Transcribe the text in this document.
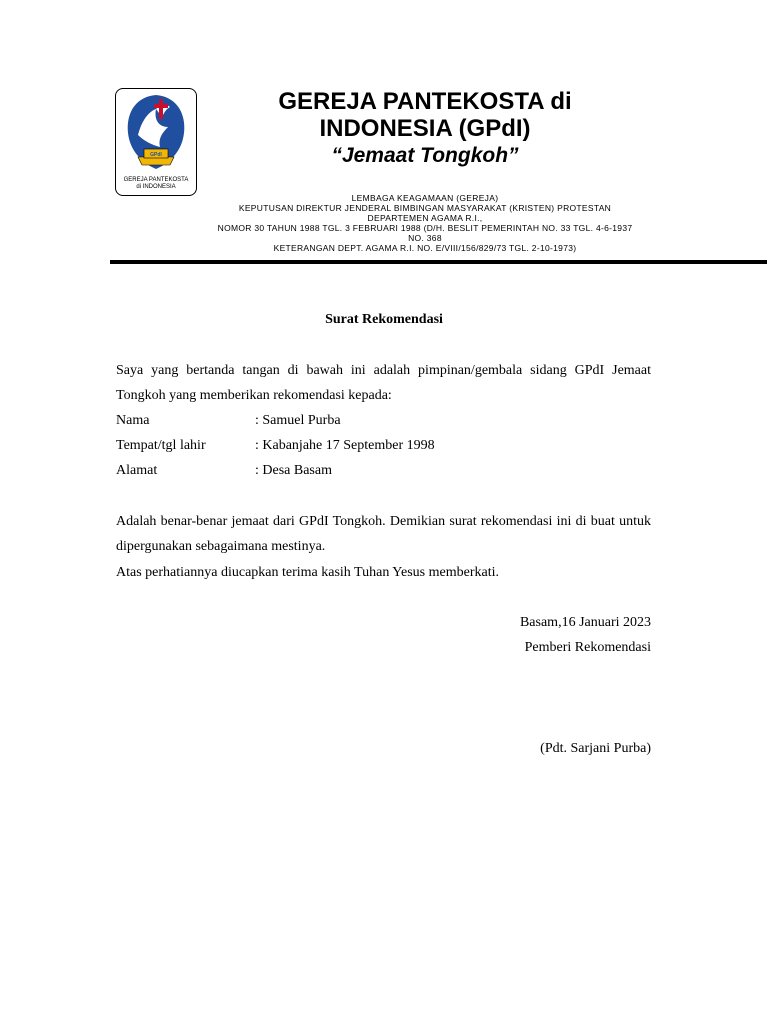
GPdI
GEREJA PANTEKOSTA
di INDONESIA
GEREJA PANTEKOSTA di
INDONESIA (GPdI)
“Jemaat Tongkoh”
LEMBAGA KEAGAMAAN (GEREJA)
KEPUTUSAN DIREKTUR JENDERAL BIMBINGAN MASYARAKAT (KRISTEN) PROTESTAN
DEPARTEMEN AGAMA R.I.,
NOMOR 30 TAHUN 1988 TGL. 3 FEBRUARI 1988 (D/H. BESLIT PEMERINTAH NO. 33 TGL. 4-6-1937
NO. 368
KETERANGAN DEPT. AGAMA R.I. NO. E/VIII/156/829/73 TGL. 2-10-1973)
Surat Rekomendasi
Saya yang bertanda tangan di bawah ini adalah pimpinan/gembala sidang GPdI Jemaat Tongkoh yang memberikan rekomendasi kepada:
Nama	: Samuel Purba
Tempat/tgl lahir	: Kabanjahe 17 September 1998
Alamat	: Desa Basam
Adalah benar-benar jemaat dari GPdI Tongkoh. Demikian surat rekomendasi ini di buat untuk dipergunakan sebagaimana mestinya.
Atas perhatiannya diucapkan terima kasih Tuhan Yesus memberkati.
Basam,16 Januari 2023
Pemberi Rekomendasi
(Pdt. Sarjani Purba)
